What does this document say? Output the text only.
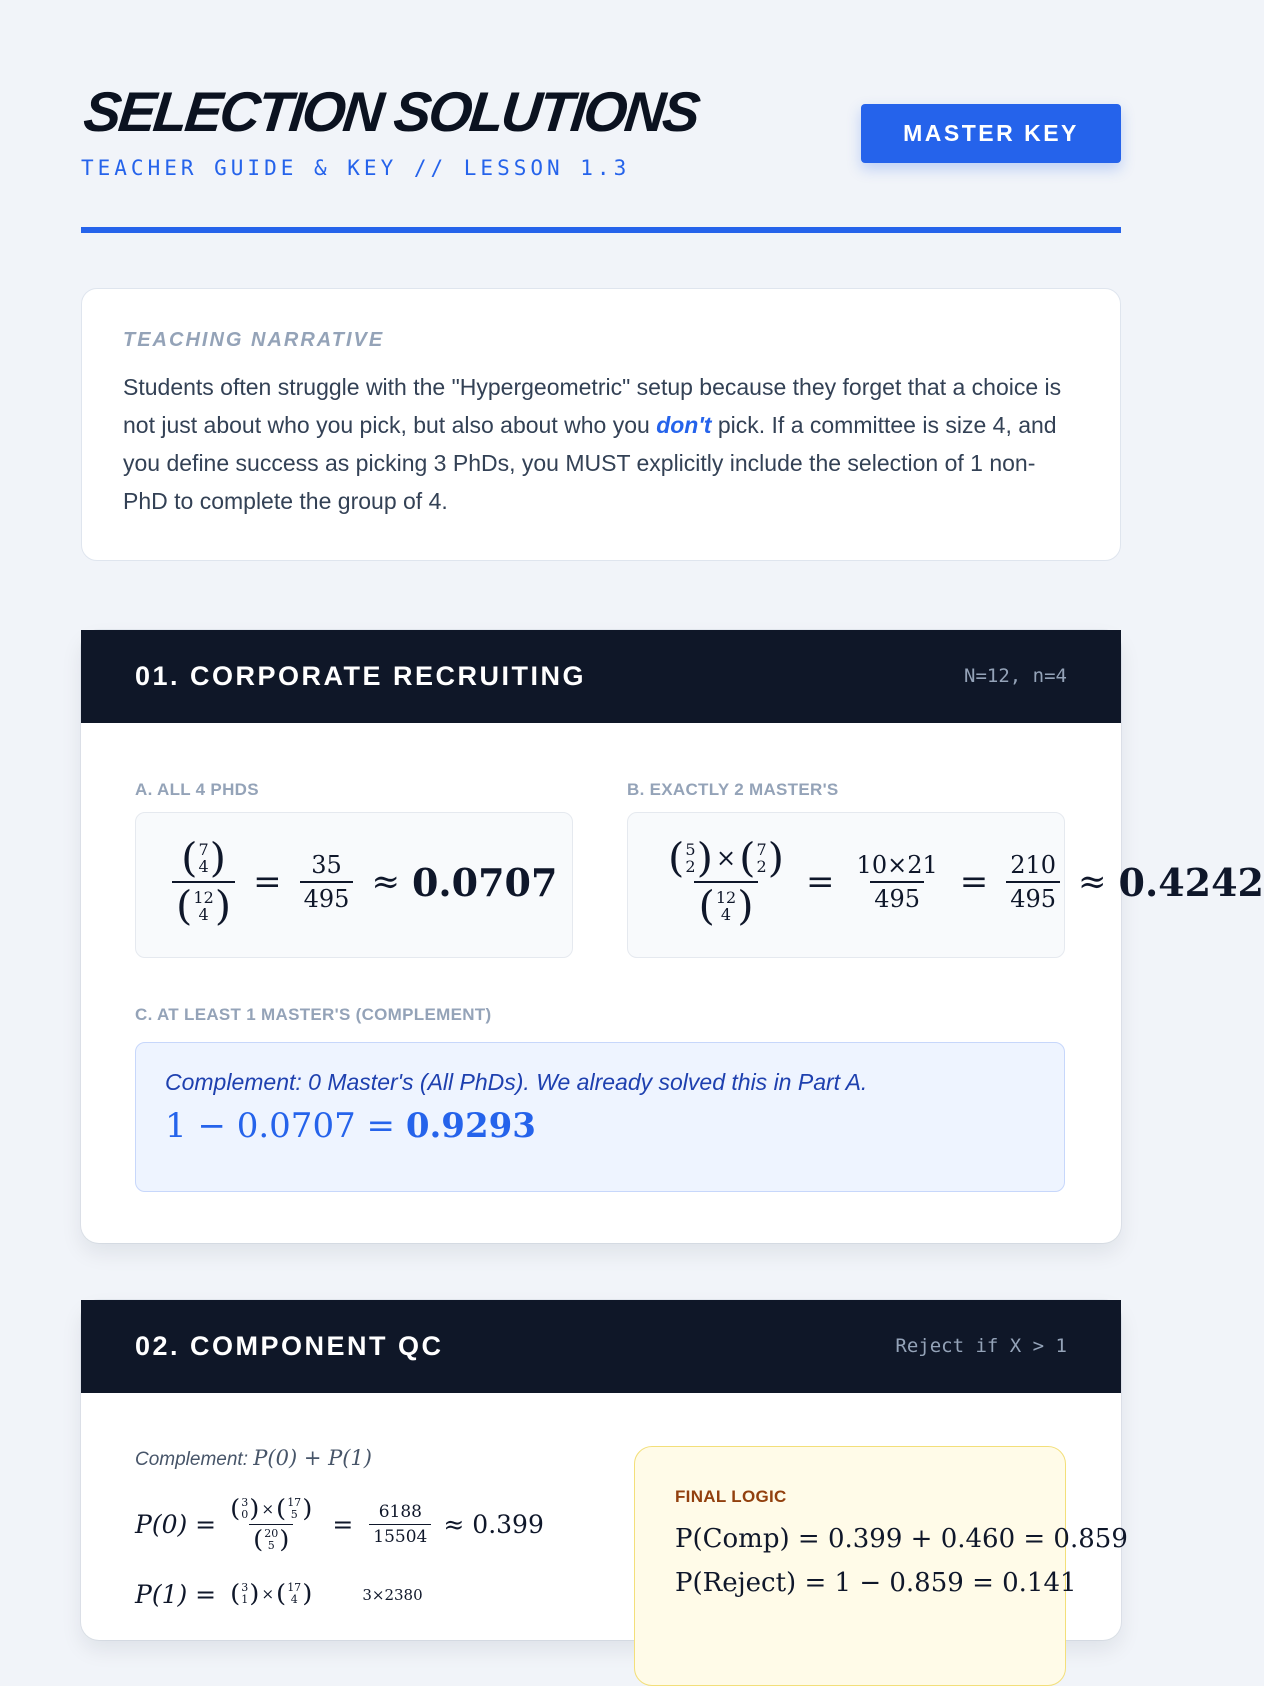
SELECTION SOLUTIONS
TEACHER GUIDE & KEY // LESSON 1.3
MASTER KEY
TEACHING NARRATIVE

Students often struggle with the "Hypergeometric" setup because they forget that a choice is not just about who you pick, but also about who you don't pick. If a committee is size 4, and you define success as picking 3 PhDs, you MUST explicitly include the selection of 1 non-PhD to complete the group of 4.

01. CORPORATE RECRUITING	N=12, n=4
A. ALL 4 PHDS
( 7
4 )
( 12
4 ) = $\frac{35}{495} \approx 0.0707$
B. EXACTLY 2 MASTER'S
( 5
2 ) × ( 7
2 )
( 12
4 ) = $\frac{10\times 21}{495} = \frac{210}{495} \approx 0.4242$
C. AT LEAST 1 MASTER'S (COMPLEMENT)
Complement: 0 Master's (All PhDs). We already solved this in Part A.
1 − 0.0707 = 0.9293
02. COMPONENT QC	Reject if X > 1
Complement: P(0) + P(1)
P(0) = ( 3
0 ) × ( 17
5 )
( 20
5 ) = $\frac{6188}{15504} \approx 0.399$
P(1) = ( 3
1 ) × ( 17
4 )	3×2380
FINAL LOGIC
P(Comp) = 0.399 + 0.460 = 0.859
P(Reject) = 1 − 0.859 = 0.141
